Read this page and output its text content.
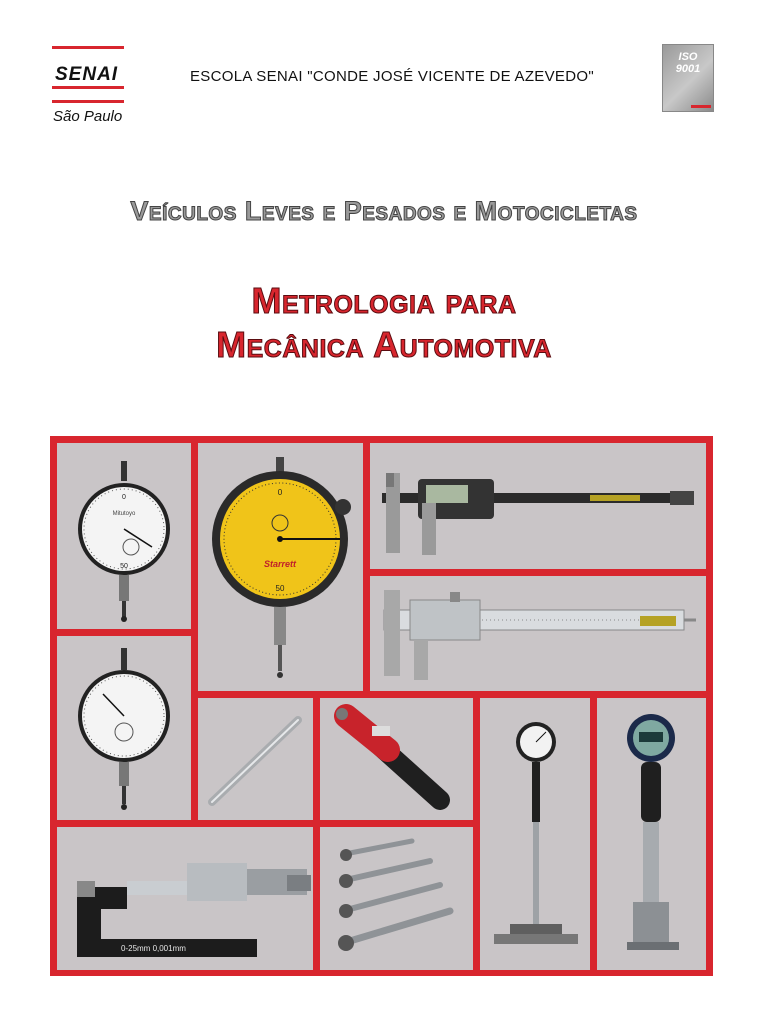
SENAI
São Paulo
ESCOLA SENAI "CONDE JOSÉ VICENTE DE AZEVEDO"
ISO
9001
Veículos Leves e Pesados e Motocicletas
Metrologia para
Mecânica Automotiva
0
50
Mitutoyo
0
50
Starrett
0-25mm 0,001mm
